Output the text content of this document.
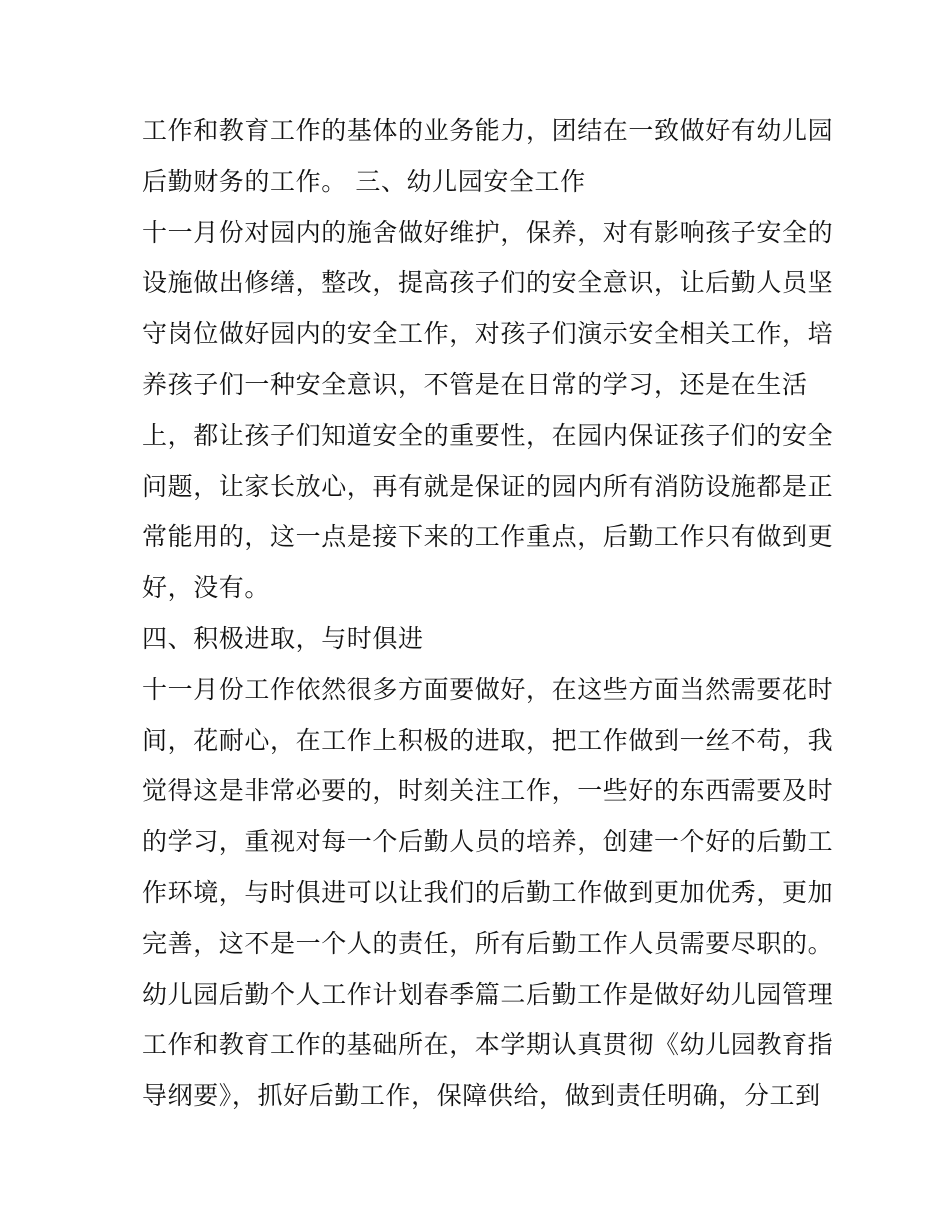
工作和教育工作的基体的业务能力，团结在一致做好有幼儿园
后勤财务的工作。 三、幼儿园安全工作
十一月份对园内的施舍做好维护，保养，对有影响孩子安全的
设施做出修缮，整改，提高孩子们的安全意识，让后勤人员坚
守岗位做好园内的安全工作，对孩子们演示安全相关工作，培
养孩子们一种安全意识，不管是在日常的学习，还是在生活
上，都让孩子们知道安全的重要性，在园内保证孩子们的安全
问题，让家长放心，再有就是保证的园内所有消防设施都是正
常能用的，这一点是接下来的工作重点，后勤工作只有做到更
好，没有。
四、积极进取，与时俱进
十一月份工作依然很多方面要做好，在这些方面当然需要花时
间，花耐心，在工作上积极的进取，把工作做到一丝不苟，我
觉得这是非常必要的，时刻关注工作，一些好的东西需要及时
的学习，重视对每一个后勤人员的培养，创建一个好的后勤工
作环境，与时俱进可以让我们的后勤工作做到更加优秀，更加
完善，这不是一个人的责任，所有后勤工作人员需要尽职的。
幼儿园后勤个人工作计划春季篇二后勤工作是做好幼儿园管理
工作和教育工作的基础所在，本学期认真贯彻《幼儿园教育指
导纲要》，抓好后勤工作，保障供给，做到责任明确，分工到
